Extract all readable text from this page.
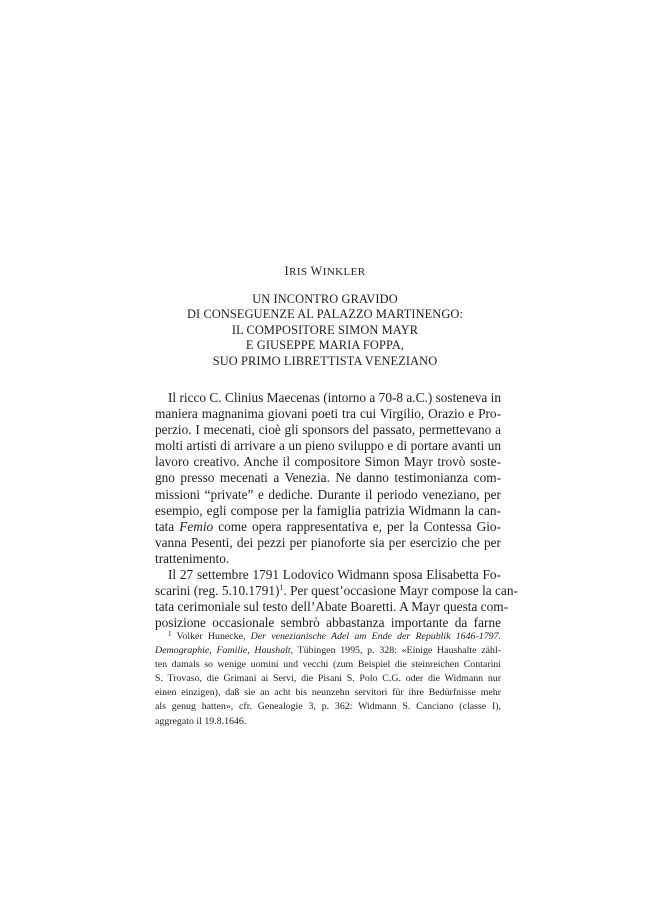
IRIS WINKLER
UN INCONTRO GRAVIDO
DI CONSEGUENZE AL PALAZZO MARTINENGO:
IL COMPOSITORE SIMON MAYR
E GIUSEPPE MARIA FOPPA,
SUO PRIMO LIBRETTISTA VENEZIANO
Il ricco C. Clinius Maecenas (intorno a 70-8 a.C.) sosteneva in
maniera magnanima giovani poeti tra cui Virgilio, Orazio e Pro-
perzio. I mecenati, cioè gli sponsors del passato, permettevano a
molti artisti di arrivare a un pieno sviluppo e di portare avanti un
lavoro creativo. Anche il compositore Simon Mayr trovò soste-
gno presso mecenati a Venezia. Ne danno testimonianza com-
missioni “private” e dediche. Durante il periodo veneziano, per
esempio, egli compose per la famiglia patrizia Widmann la can-
tata Femio come opera rappresentativa e, per la Contessa Gio-
vanna Pesenti, dei pezzi per pianoforte sia per esercizio che per
trattenimento.
Il 27 settembre 1791 Lodovico Widmann sposa Elisabetta Fo-
scarini (reg. 5.10.1791)$^1$. Per quest’occasione Mayr compose la can-
tata cerimoniale sul testo dell’Abate Boaretti. A Mayr questa com-
posizione occasionale sembrò abbastanza importante da farne
$^1$ Volker Hunecke, Der venezianische Adel am Ende der Republik 1646-1797.
Demographie, Familie, Haushalt, Tübingen 1995, p. 328: «Einige Haushalte zähl-
ten damals so wenige uomini und vecchi (zum Beispiel die steinreichen Contarini
S. Trovaso, die Grimani ai Servi, die Pisani S. Polo C.G. oder die Widmann nur
einen einzigen), daß sie an acht bis neunzehn servitori für ihre Bedürfnisse mehr
als genug hatten», cfr. Genealogie 3, p. 362: Widmann S. Canciano (classe I),
aggregato il 19.8.1646.
